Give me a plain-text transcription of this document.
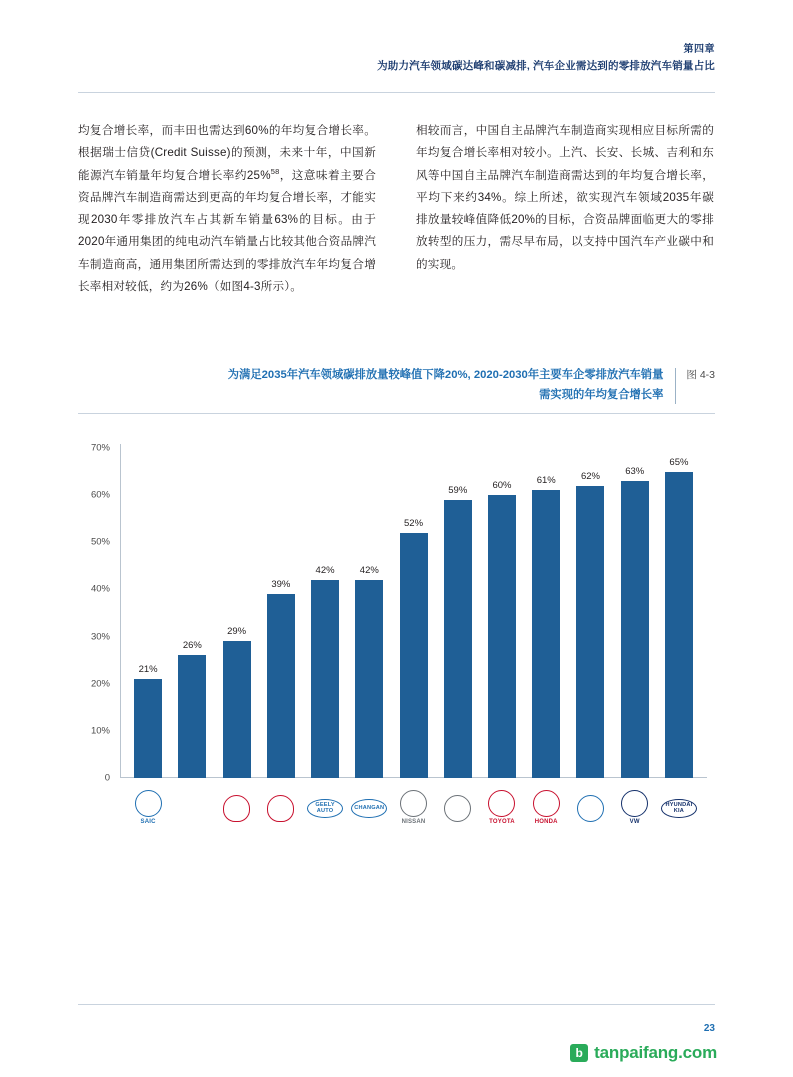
第四章
为助力汽车领域碳达峰和碳减排, 汽车企业需达到的零排放汽车销量占比
均复合增长率，而丰田也需达到60%的年均复合增长率。根据瑞士信贷(Credit Suisse)的预测，未来十年，中国新能源汽车销量年均复合增长率约25%$^{58}$，这意味着主要合资品牌汽车制造商需达到更高的年均复合增长率，才能实现2030年零排放汽车占其新车销量63%的目标。由于2020年通用集团的纯电动汽车销量占比较其他合资品牌汽车制造商高，通用集团所需达到的零排放汽车年均复合增长率相对较低，约为26%（如图4-3所示）。
相较而言，中国自主品牌汽车制造商实现相应目标所需的年均复合增长率相对较小。上汽、长安、长城、吉利和东风等中国自主品牌汽车制造商需达到的年均复合增长率，平均下来约34%。综上所述，欲实现汽车领域2035年碳排放量较峰值降低20%的目标，合资品牌面临更大的零排放转型的压力，需尽早布局，以支持中国汽车产业碳中和的实现。
为满足2035年汽车领域碳排放量较峰值下降20%, 2020-2030年主要车企零排放汽车销量
需实现的年均复合增长率
图 4-3
0
10%
20%
30%
40%
50%
60%
70%
21%
26%
29%
39%
42%	42%
52%
59%	60%	61%	62%	63%
65%
SAIC
gm	GEELY AUTO
CHANGAN
NISSAN	TOYOTA	HONDA	VW
HYUNDAI KIA
23
b tanpaifang.com
